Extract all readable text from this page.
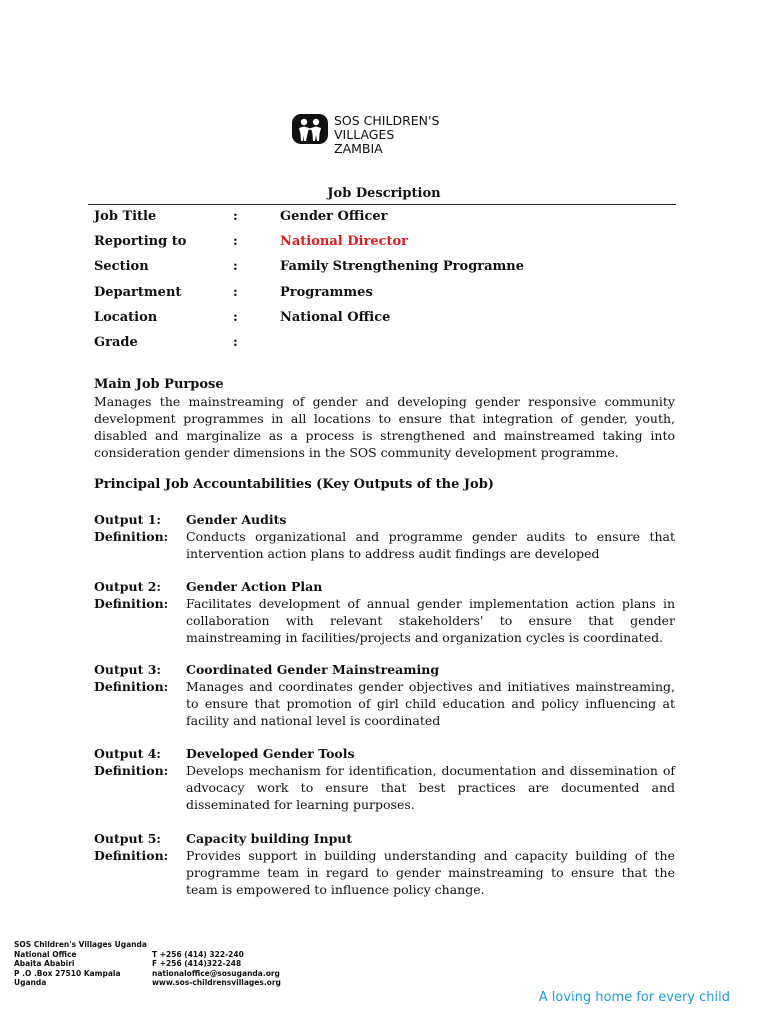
SOS CHILDREN'S
VILLAGES
ZAMBIA
Job Description
Job Title	:	Gender Officer
Reporting to	:	National Director
Section	:	Family Strengthening Programne
Department	:	Programmes
Location	:	National Office
Grade	:
Main Job Purpose
Manages the mainstreaming of gender and developing gender responsive community development programmes in all locations to ensure that integration of gender, youth, disabled and marginalize as a process is strengthened and mainstreamed taking into consideration gender dimensions in the SOS community development programme.
Principal Job Accountabilities (Key Outputs of the Job)
Output 1: Gender Audits
Definition: Conducts organizational and programme gender audits to ensure that intervention action plans to address audit findings are developed
Output 2: Gender Action Plan
Definition: Facilitates development of annual gender implementation action plans in collaboration with relevant stakeholders' to ensure that gender mainstreaming in facilities/projects and organization cycles is coordinated.
Output 3: Coordinated Gender Mainstreaming
Definition: Manages and coordinates gender objectives and initiatives mainstreaming, to ensure that promotion of girl child education and policy influencing at facility and national level is coordinated
Output 4: Developed Gender Tools
Definition: Develops mechanism for identification, documentation and dissemination of advocacy work to ensure that best practices are documented and disseminated for learning purposes.
Output 5: Capacity building Input
Definition: Provides support in building understanding and capacity building of the programme team in regard to gender mainstreaming to ensure that the team is empowered to influence policy change.
SOS Children's Villages Uganda
National Office	T +256 (414) 322-240
Abaita Ababiri	F +256 (414)322-248
P .O .Box 27510 Kampala	nationaloffice@sosuganda.org
Uganda	www.sos-childrensvillages.org
A loving home for every child
